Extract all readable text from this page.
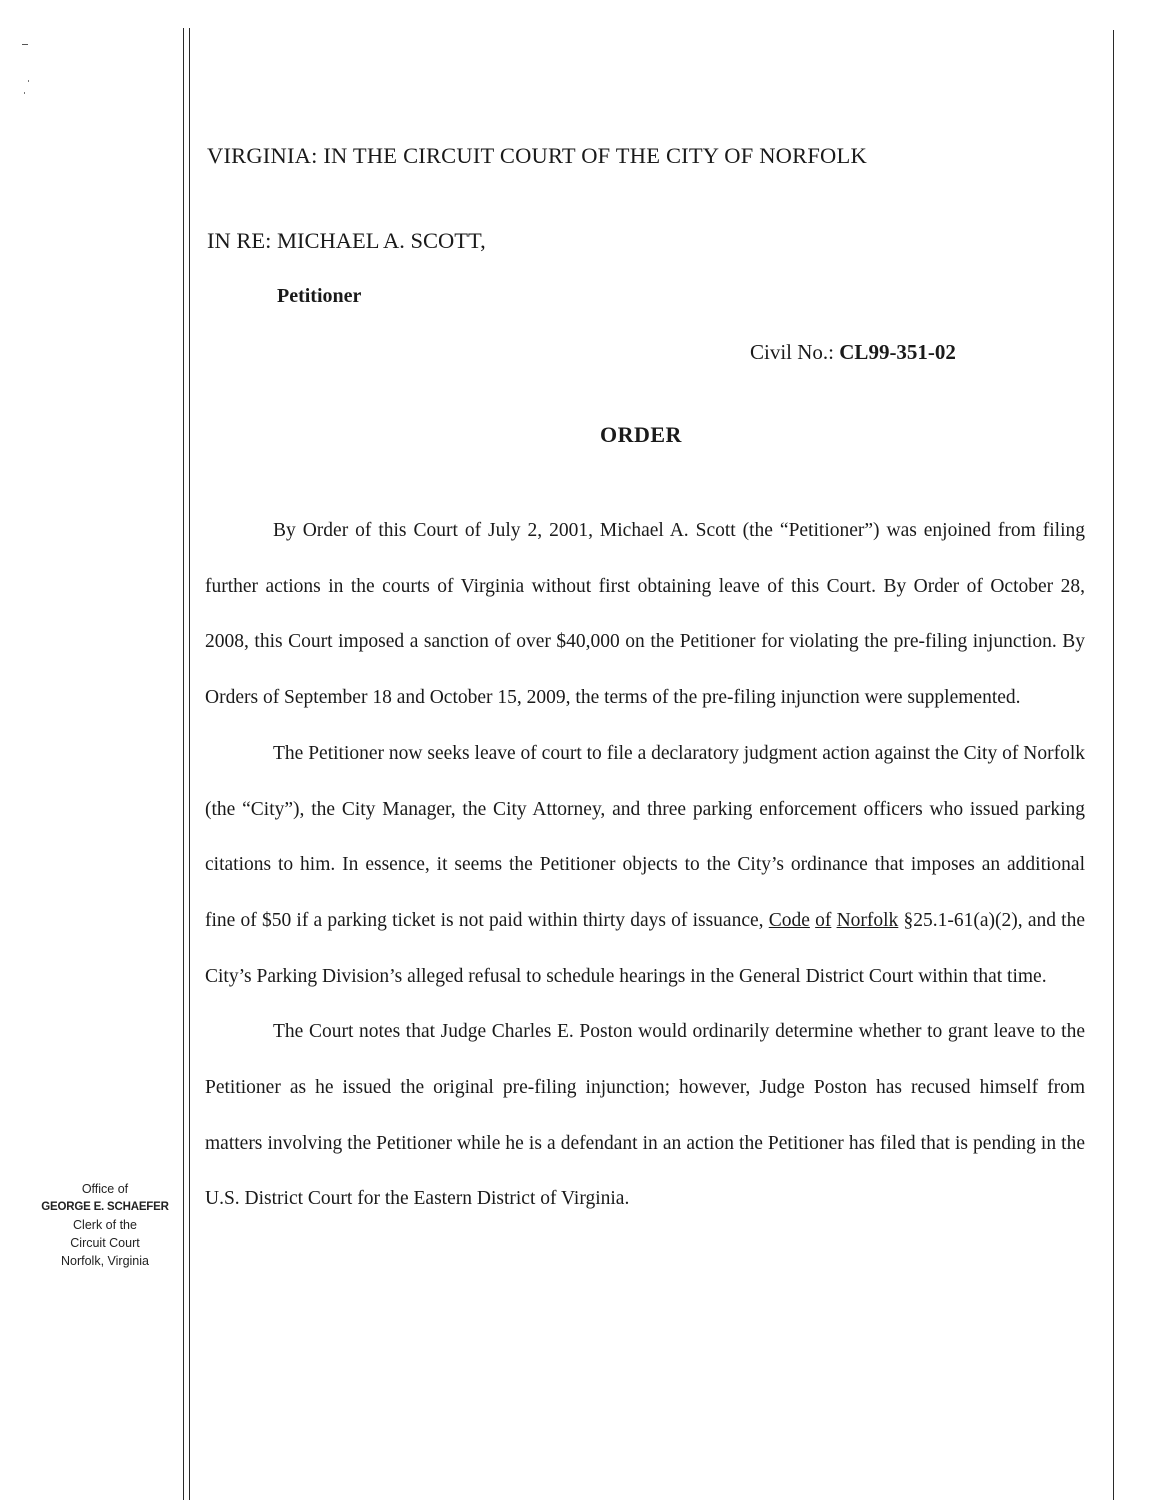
VIRGINIA: IN THE CIRCUIT COURT OF THE CITY OF NORFOLK
IN RE: MICHAEL A. SCOTT,
Petitioner
Civil No.: CL99-351-02
ORDER

By Order of this Court of July 2, 2001, Michael A. Scott (the “Petitioner”) was enjoined from filing further actions in the courts of Virginia without first obtaining leave of this Court. By Order of October 28, 2008, this Court imposed a sanction of over $40,000 on the Petitioner for violating the pre-filing injunction. By Orders of September 18 and October 15, 2009, the terms of the pre-filing injunction were supplemented.

The Petitioner now seeks leave of court to file a declaratory judgment action against the City of Norfolk (the “City”), the City Manager, the City Attorney, and three parking enforcement officers who issued parking citations to him. In essence, it seems the Petitioner objects to the City’s ordinance that imposes an additional fine of $50 if a parking ticket is not paid within thirty days of issuance, Code of Norfolk §25.1-61(a)(2), and the City’s Parking Division’s alleged refusal to schedule hearings in the General District Court within that time.

The Court notes that Judge Charles E. Poston would ordinarily determine whether to grant leave to the Petitioner as he issued the original pre-filing injunction; however, Judge Poston has recused himself from matters involving the Petitioner while he is a defendant in an action the Petitioner has filed that is pending in the U.S. District Court for the Eastern District of Virginia.

Office of
GEORGE E. SCHAEFER
Clerk of the
Circuit Court
Norfolk, Virginia
